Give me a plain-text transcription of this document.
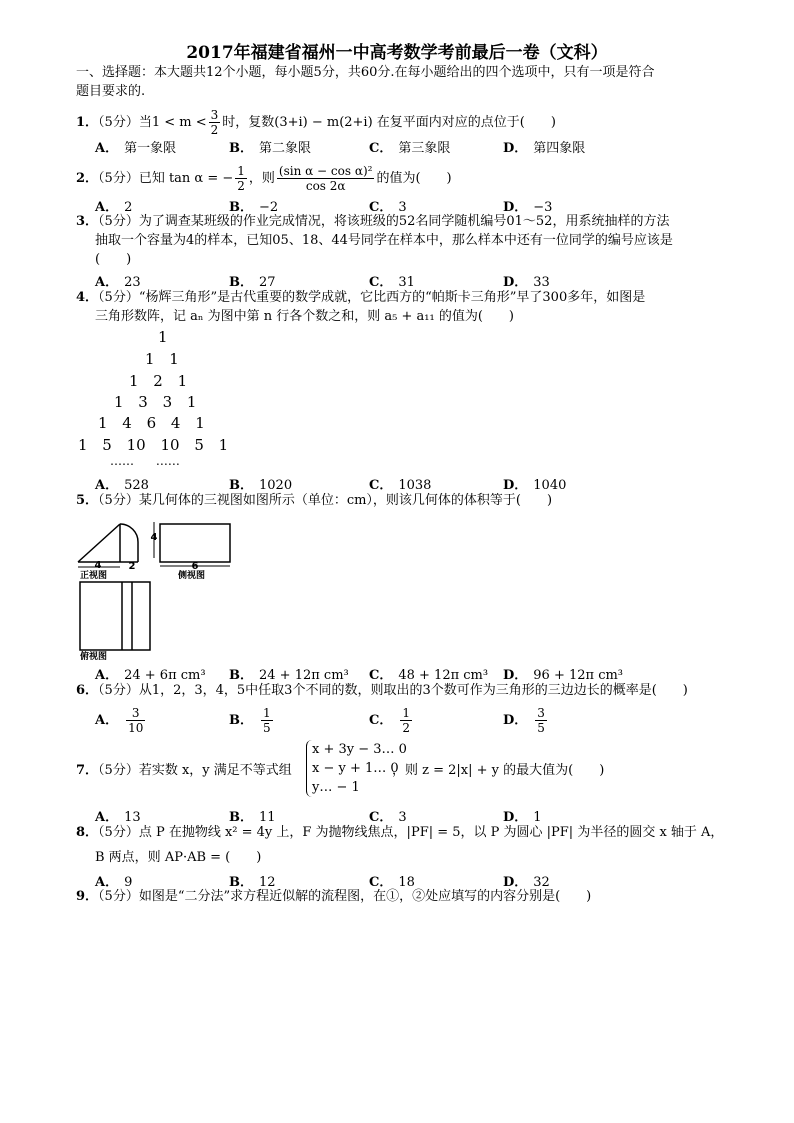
2017年福建省福州一中高考数学考前最后一卷（文科）
一、选择题：本大题共12个小题，每小题5分，共60分.在每小题给出的四个选项中，只有一项是符合
题目要求的.
1．（5分）当$1 < m < \frac{3}{2}$ 时，复数(3+i) − m(2+i) 在复平面内对应的点位于(　　)
A． 第一象限	B． 第二象限	C． 第三象限	D． 第四象限
2．（5分）已知 tan α = − $\frac{1}{2}$ ，则 $\frac{\text{(sin α − cos α)²}}{\cos 2\alpha}$ 的值为(　　)
A． 2	B． −2	C． 3	D． −3
3．（5分）为了调查某班级的作业完成情况，将该班级的52名同学随机编号01～52，用系统抽样的方法
抽取一个容量为4的样本，已知05、18、44号同学在样本中，那么样本中还有一位同学的编号应该是
(　　)
A． 23	B． 27	C． 31	D． 33
4．（5分）“杨辉三角形”是古代重要的数学成就，它比西方的“帕斯卡三角形”早了300多年，如图是
三角形数阵，记 aₙ 为图中第 n 行各个数之和，则 a₅ + a₁₁ 的值为(　　)
1
1 1
1 2 1
1 3 3 1
1 4 6 4 1
1 5 10 10 5 1
…… ……
A． 528	B． 1020	C． 1038	D． 1040
5．（5分）某几何体的三视图如图所示（单位：cm），则该几何体的体积等于(　　)
4
4	2	6
正视图	侧视图
俯视图
A． 24 + 6π cm³ B． 24 + 12π cm³ C． 48 + 12π cm³ D． 96 + 12π cm³
6．（5分）从1，2，3，4，5中任取3个不同的数，则取出的3个数可作为三角形的三边边长的概率是(　　)
A． $\frac{3}{10}$	B． $\frac{1}{5}$	C． $\frac{1}{2}$	D． $\frac{3}{5}$
7．（5分）若实数 x，y 满足不等式组
x + 3y − 3… 0
x − y + 1… 0
y… − 1
，则 z = 2|x| + y 的最大值为(　　)
A． 13	B． 11	C． 3	D． 1
8．（5分）点 P 在抛物线 x² = 4y 上，F 为抛物线焦点，|PF| = 5，以 P 为圆心 |PF| 为半径的圆交 x 轴于 A，
B 两点，则 AP·AB = (　　)
A． 9	B． 12	C． 18	D． 32
9．（5分）如图是“二分法”求方程近似解的流程图，在①，②处应填写的内容分别是(　　)
